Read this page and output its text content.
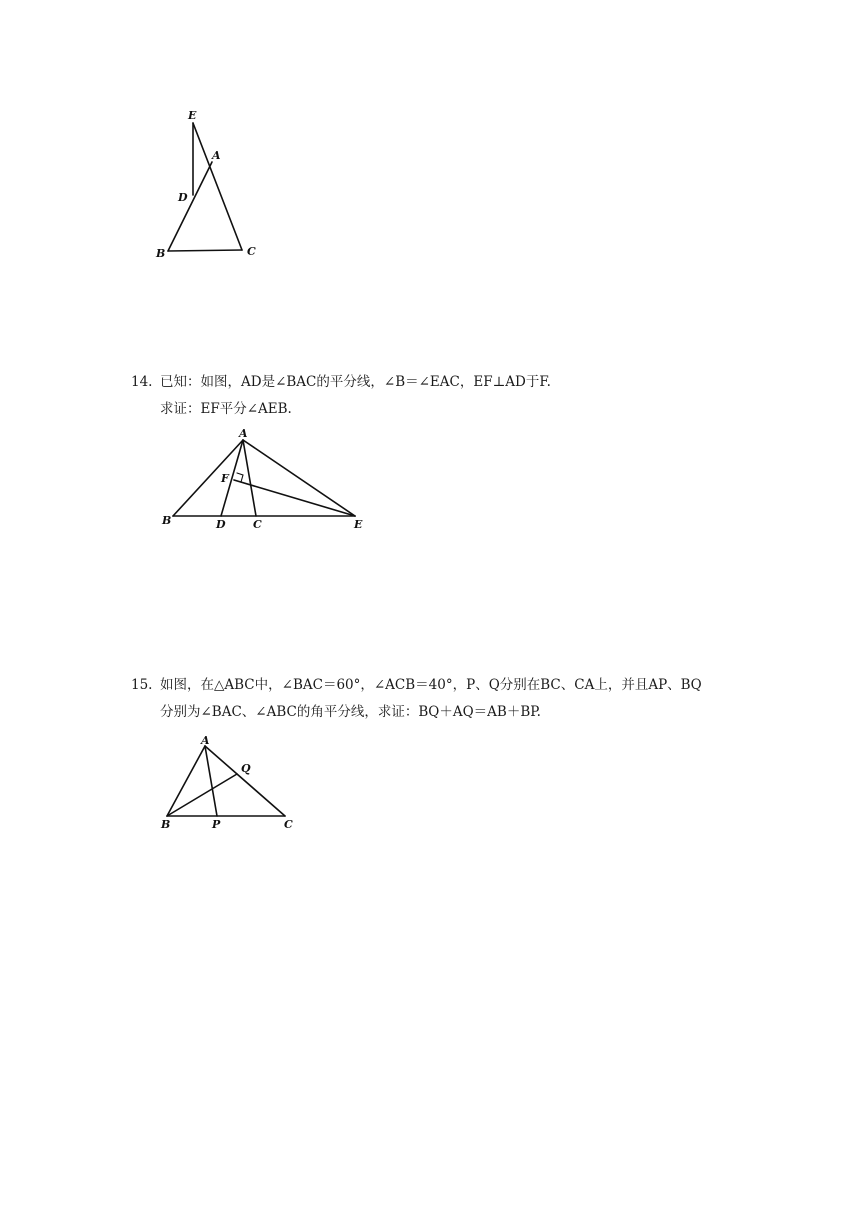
E
A
D
B	C
14. 已知：如图，AD是∠BAC的平分线，∠B＝∠EAC，EF⊥AD于F.
求证：EF平分∠AEB.
A
F
B	D C	E
15. 如图，在△ABC中，∠BAC＝60°，∠ACB＝40°，P、Q分别在BC、CA上，并且AP、BQ
分别为∠BAC、∠ABC的角平分线，求证：BQ＋AQ＝AB＋BP.
A
Q
B	P	C
